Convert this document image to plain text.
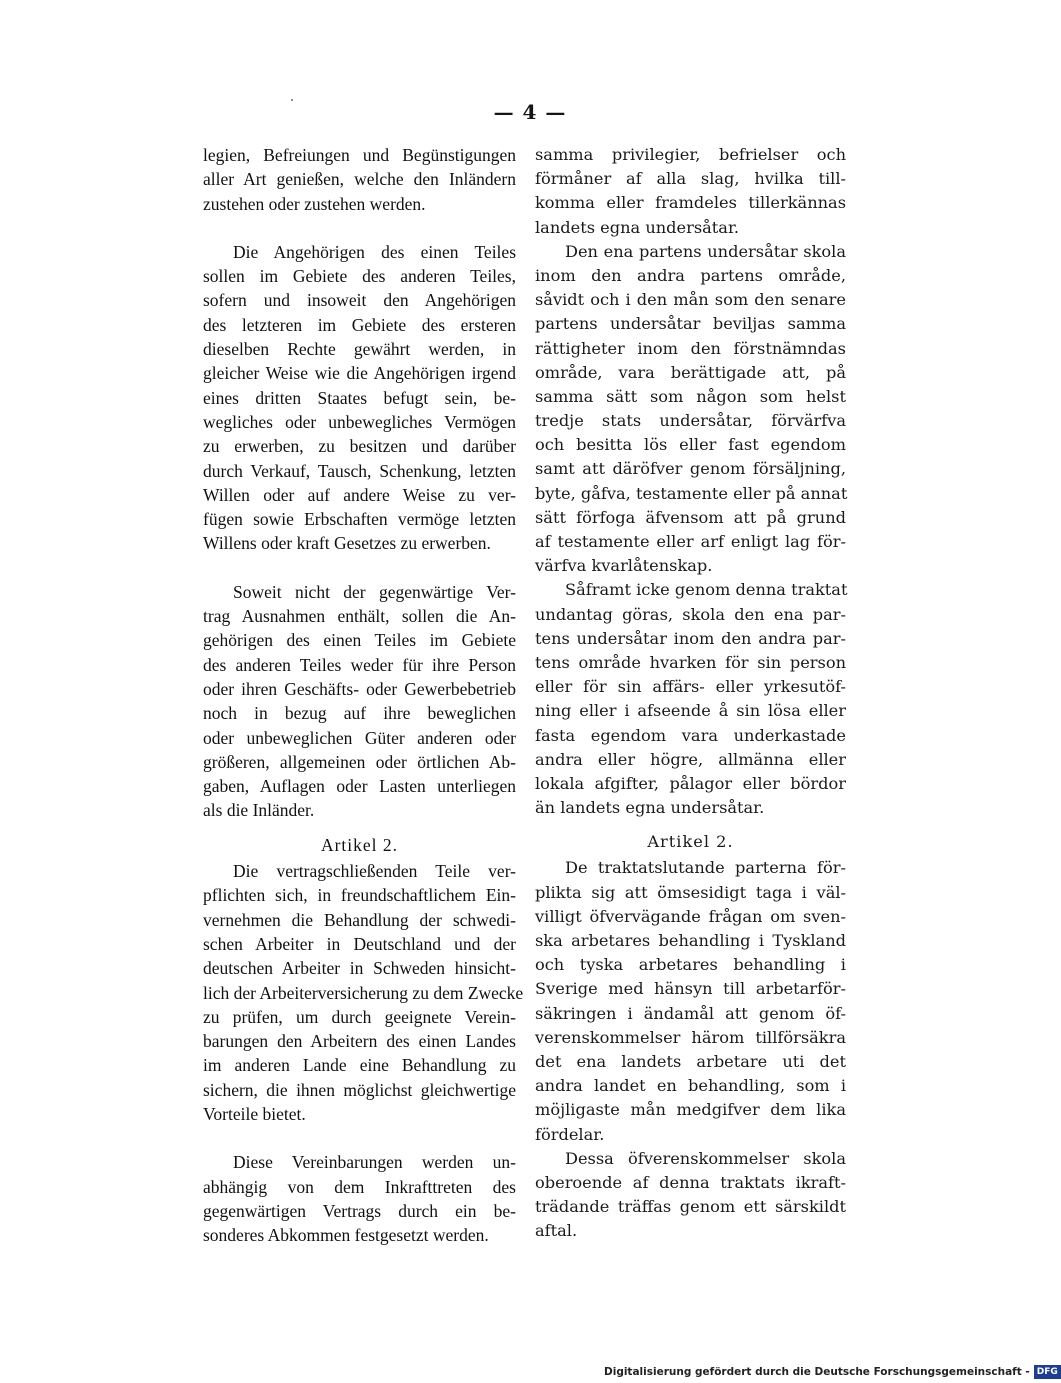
— 4 —
legien, Befreiungen und Begünstigungen
aller Art genießen, welche den Inländern
zustehen oder zustehen werden.
Die Angehörigen des einen Teiles
sollen im Gebiete des anderen Teiles,
sofern und insoweit den Angehörigen
des letzteren im Gebiete des ersteren
dieselben Rechte gewährt werden, in
gleicher Weise wie die Angehörigen irgend
eines dritten Staates befugt sein, be-
wegliches oder unbewegliches Vermögen
zu erwerben, zu besitzen und darüber
durch Verkauf, Tausch, Schenkung, letzten
Willen oder auf andere Weise zu ver-
fügen sowie Erbschaften vermöge letzten
Willens oder kraft Gesetzes zu erwerben.
Soweit nicht der gegenwärtige Ver-
trag Ausnahmen enthält, sollen die An-
gehörigen des einen Teiles im Gebiete
des anderen Teiles weder für ihre Person
oder ihren Geschäfts- oder Gewerbebetrieb
noch in bezug auf ihre beweglichen
oder unbeweglichen Güter anderen oder
größeren, allgemeinen oder örtlichen Ab-
gaben, Auflagen oder Lasten unterliegen
als die Inländer.
Artikel 2.
Die vertragschließenden Teile ver-
pflichten sich, in freundschaftlichem Ein-
vernehmen die Behandlung der schwedi-
schen Arbeiter in Deutschland und der
deutschen Arbeiter in Schweden hinsicht-
lich der Arbeiterversicherung zu dem Zwecke
zu prüfen, um durch geeignete Verein-
barungen den Arbeitern des einen Landes
im anderen Lande eine Behandlung zu
sichern, die ihnen möglichst gleichwertige
Vorteile bietet.
Diese Vereinbarungen werden un-
abhängig von dem Inkrafttreten des
gegenwärtigen Vertrags durch ein be-
sonderes Abkommen festgesetzt werden.
samma privilegier, befrielser och
förmåner af alla slag, hvilka till-
komma eller framdeles tillerkännas
landets egna undersåtar.
Den ena partens undersåtar skola
inom den andra partens område,
såvidt och i den mån som den senare
partens undersåtar beviljas samma
rättigheter inom den förstnämndas
område, vara berättigade att, på
samma sätt som någon som helst
tredje stats undersåtar, förvärfva
och besitta lös eller fast egendom
samt att däröfver genom försäljning,
byte, gåfva, testamente eller på annat
sätt förfoga äfvensom att på grund
af testamente eller arf enligt lag för-
värfva kvarlåtenskap.
Såframt icke genom denna traktat
undantag göras, skola den ena par-
tens undersåtar inom den andra par-
tens område hvarken för sin person
eller för sin affärs- eller yrkesutöf-
ning eller i afseende å sin lösa eller
fasta egendom vara underkastade
andra eller högre, allmänna eller
lokala afgifter, pålagor eller bördor
än landets egna undersåtar.
Artikel 2.
De traktatslutande parterna för-
plikta sig att ömsesidigt taga i väl-
villigt öfvervägande frågan om sven-
ska arbetares behandling i Tyskland
och tyska arbetares behandling i
Sverige med hänsyn till arbetarför-
säkringen i ändamål att genom öf-
verenskommelser härom tillförsäkra
det ena landets arbetare uti det
andra landet en behandling, som i
möjligaste mån medgifver dem lika
fördelar.
Dessa öfverenskommelser skola
oberoende af denna traktats ikraft-
trädande träffas genom ett särskildt
aftal.
Digitalisierung gefördert durch die Deutsche Forschungsgemeinschaft - DFG
